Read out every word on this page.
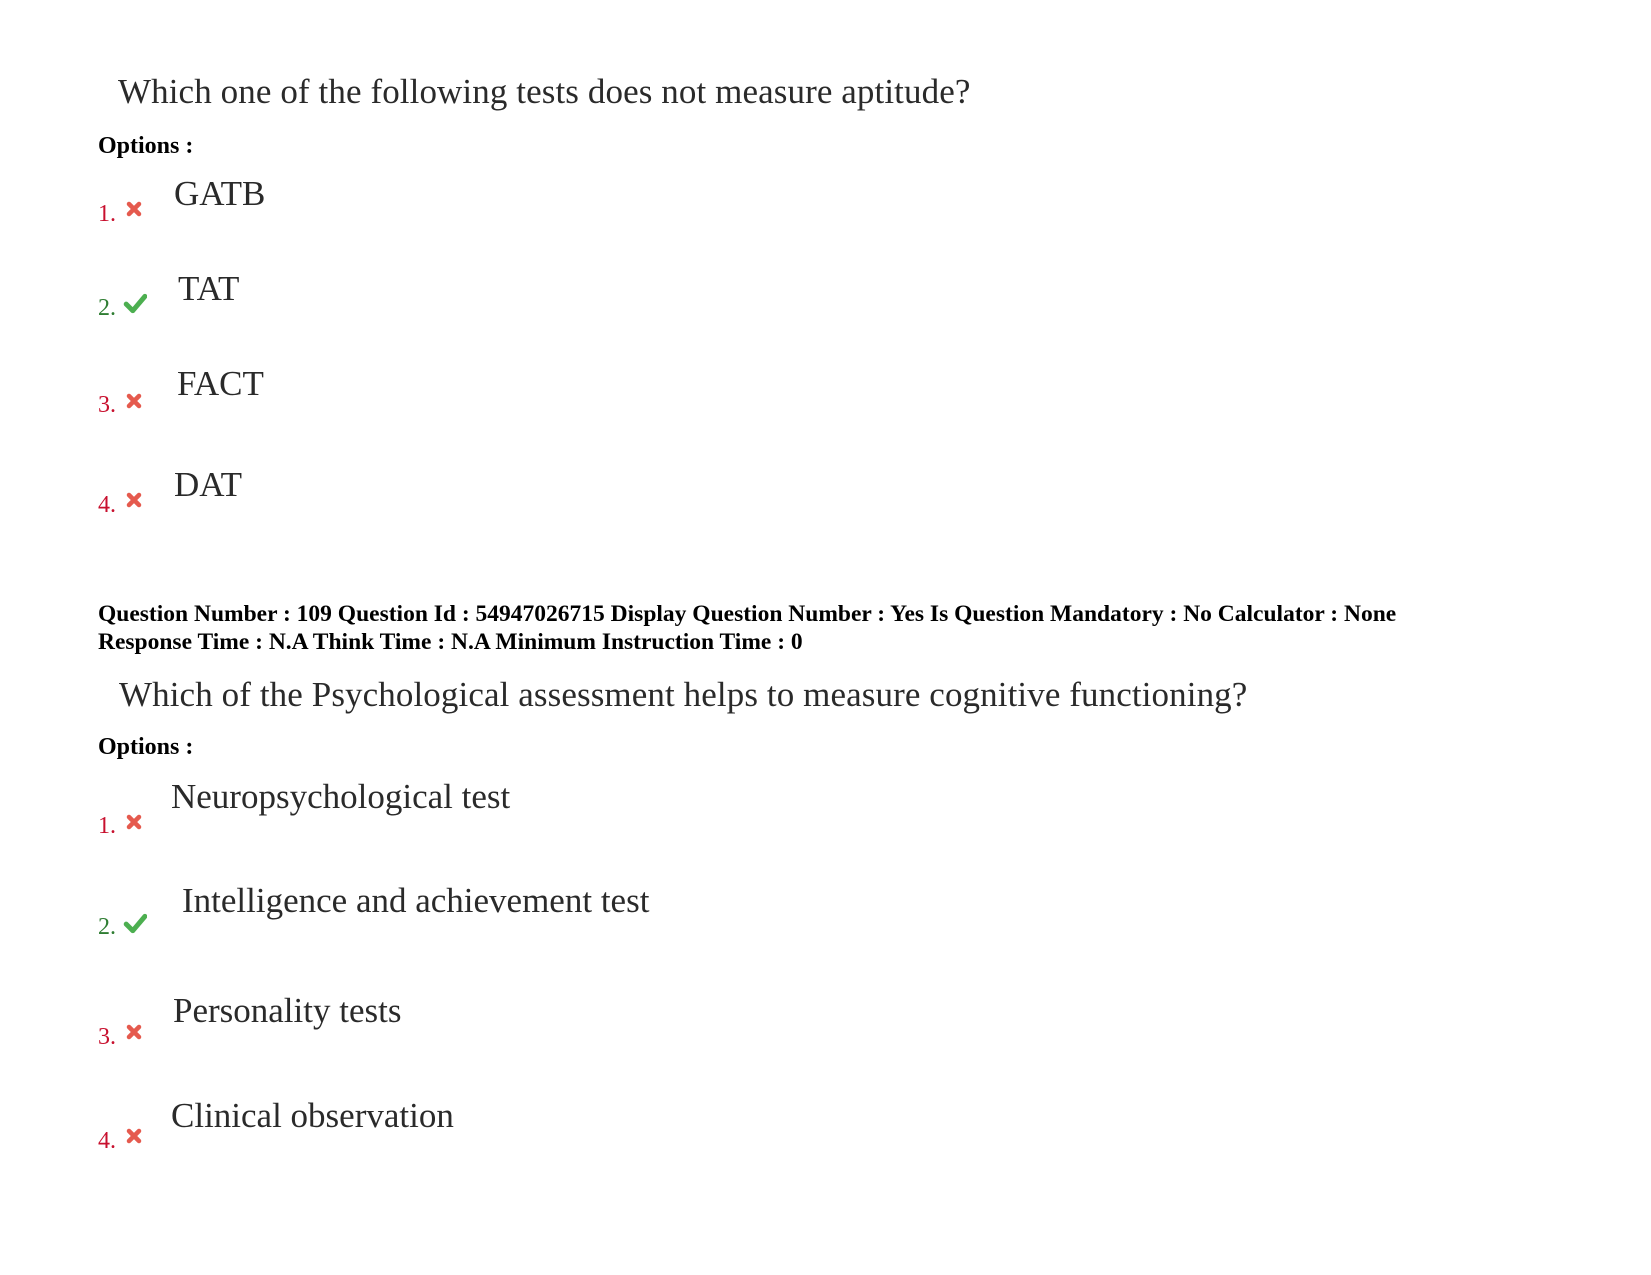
Which one of the following tests does not measure aptitude?
Options :
1.
GATB
2. TAT
3.
FACT
4.
DAT
Question Number : 109 Question Id : 54947026715 Display Question Number : Yes Is Question Mandatory : No Calculator : None
Response Time : N.A Think Time : N.A Minimum Instruction Time : 0
Which of the Psychological assessment helps to measure cognitive functioning?
Options :
1.
Neuropsychological test
2.
Intelligence and achievement test
3.
Personality tests
4.
Clinical observation
